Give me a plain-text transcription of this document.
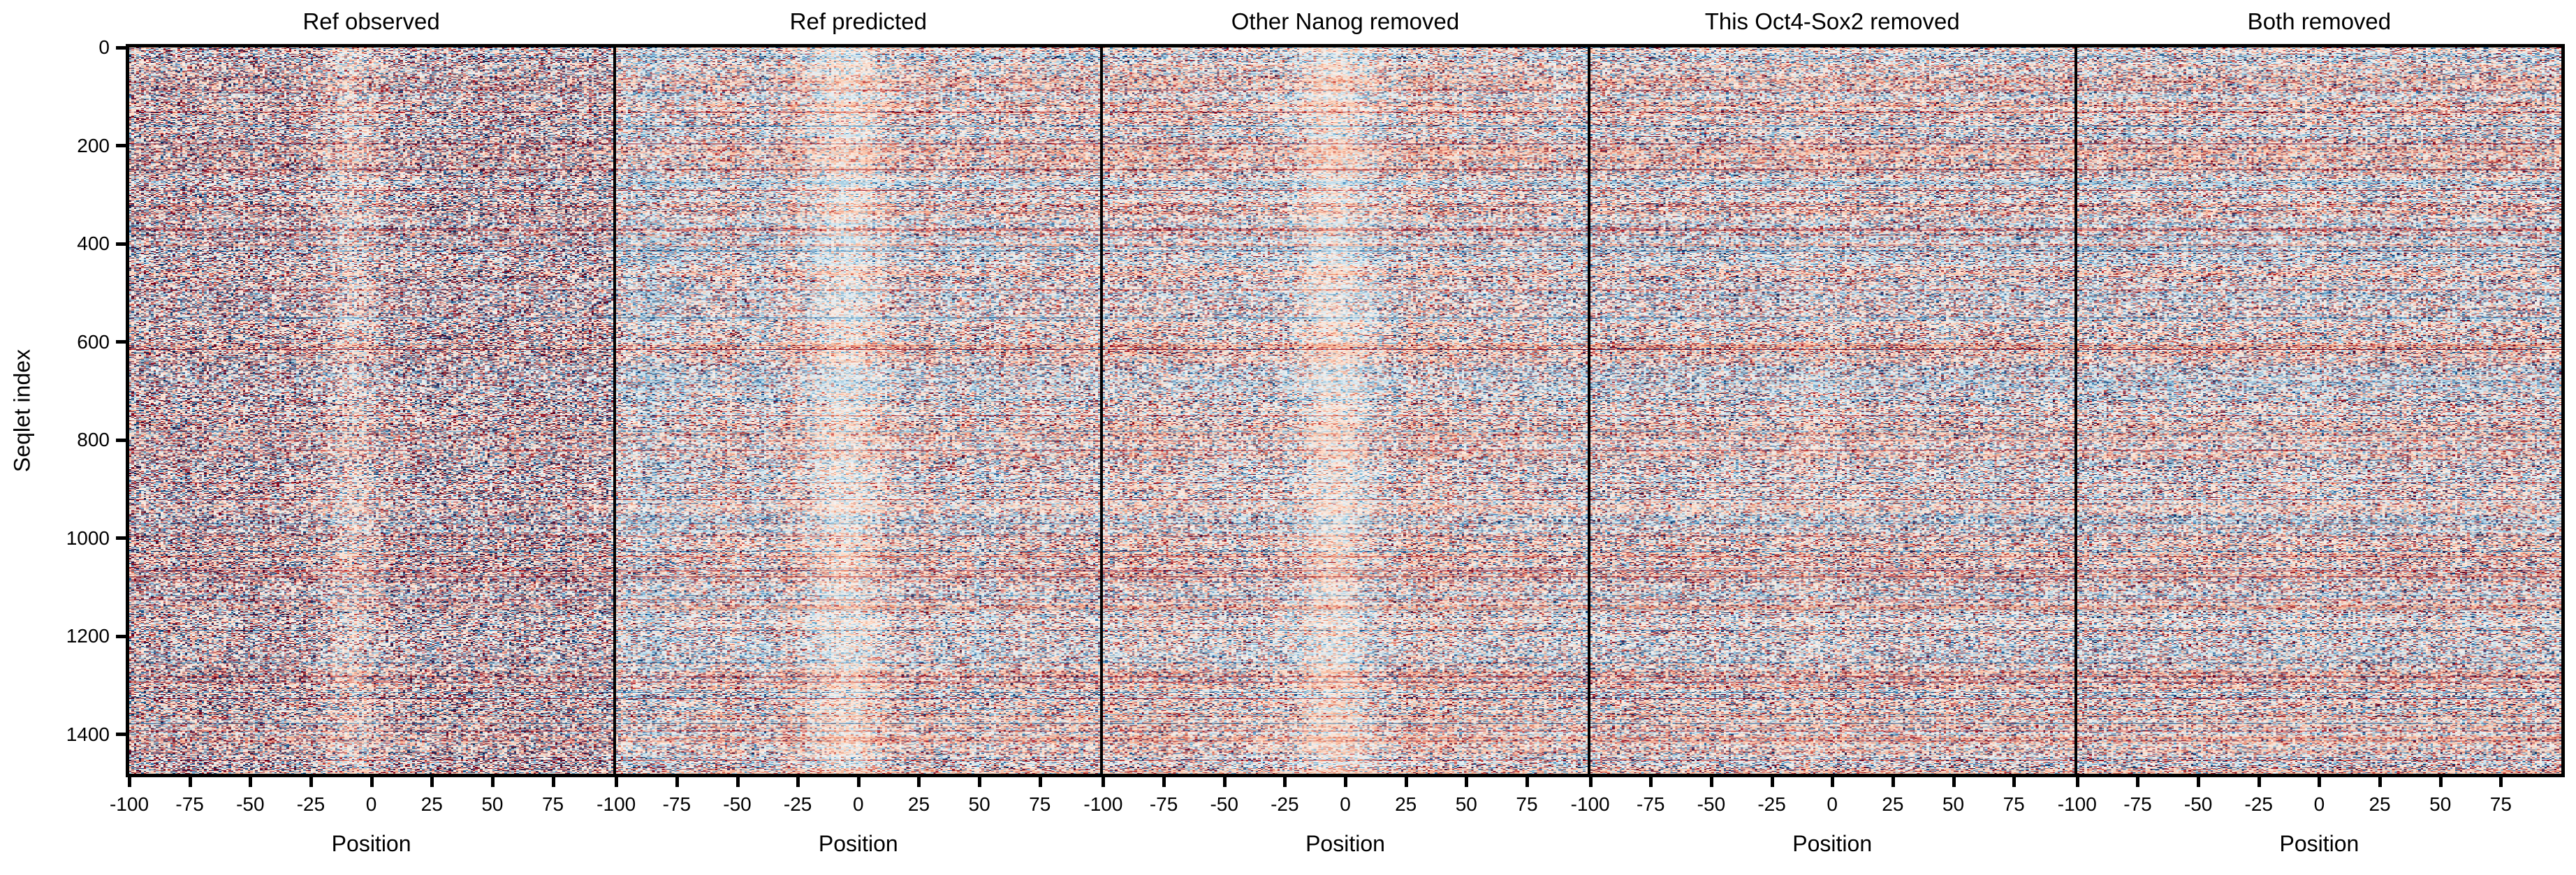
Seqlet index
0
200
400
600
800
1000
1200
1400
Ref observed
-100 -75 -50 -25 0 25 50 75
Position
Ref predicted
-100 -75 -50 -25 0 25 50 75
Position
Other Nanog removed
-100 -75 -50 -25 0 25 50 75
Position
This Oct4-Sox2 removed
-100 -75 -50 -25 0 25 50 75
Position
Both removed
-100 -75 -50 -25 0 25 50 75
Position
